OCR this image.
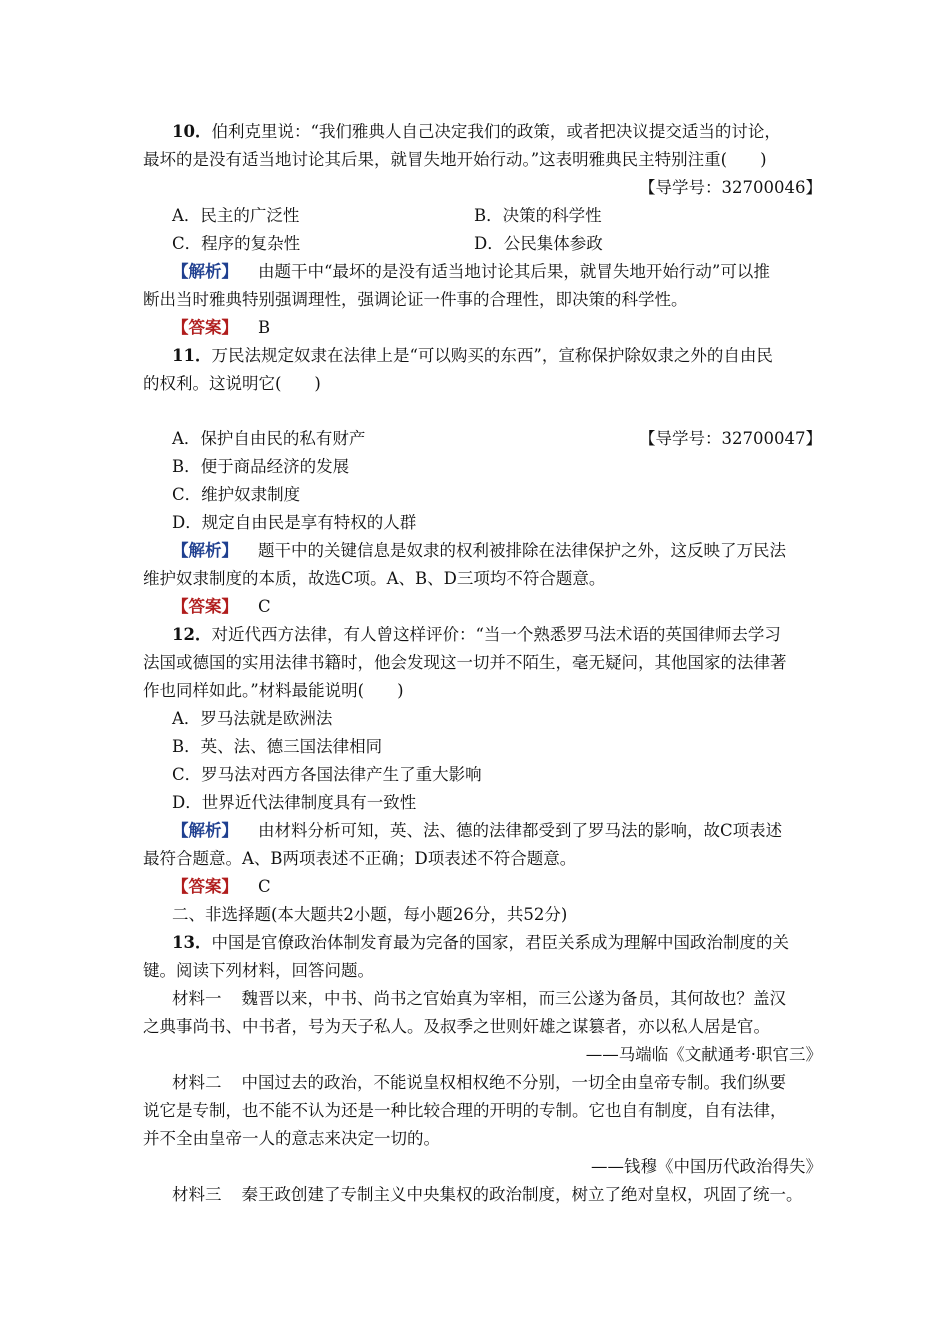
10．伯利克里说：“我们雅典人自己决定我们的政策，或者把决议提交适当的讨论，
最坏的是没有适当地讨论其后果，就冒失地开始行动。”这表明雅典民主特别注重(　　)
【导学号：32700046】
A．民主的广泛性	B．决策的科学性
C．程序的复杂性	D．公民集体参政
【解析】 由题干中“最坏的是没有适当地讨论其后果，就冒失地开始行动”可以推
断出当时雅典特别强调理性，强调论证一件事的合理性，即决策的科学性。
【答案】 B
11．万民法规定奴隶在法律上是“可以购买的东西”，宣称保护除奴隶之外的自由民
的权利。这说明它(　　)
【导学号：32700047】
A．保护自由民的私有财产
B．便于商品经济的发展
C．维护奴隶制度
D．规定自由民是享有特权的人群
【解析】 题干中的关键信息是奴隶的权利被排除在法律保护之外，这反映了万民法
维护奴隶制度的本质，故选C项。A、B、D三项均不符合题意。
【答案】 C
12．对近代西方法律，有人曾这样评价：“当一个熟悉罗马法术语的英国律师去学习
法国或德国的实用法律书籍时，他会发现这一切并不陌生，毫无疑问，其他国家的法律著
作也同样如此。”材料最能说明(　　)
A．罗马法就是欧洲法
B．英、法、德三国法律相同
C．罗马法对西方各国法律产生了重大影响
D．世界近代法律制度具有一致性
【解析】 由材料分析可知，英、法、德的法律都受到了罗马法的影响，故C项表述
最符合题意。A、B两项表述不正确；D项表述不符合题意。
【答案】 C
二、非选择题(本大题共2小题，每小题26分，共52分)
13．中国是官僚政治体制发育最为完备的国家，君臣关系成为理解中国政治制度的关
键。阅读下列材料，回答问题。
材料一 魏晋以来，中书、尚书之官始真为宰相，而三公遂为备员，其何故也？盖汉
之典事尚书、中书者，号为天子私人。及叔季之世则奸雄之谋篡者，亦以私人居是官。
——马端临《文献通考·职官三》
材料二 中国过去的政治，不能说皇权相权绝不分别，一切全由皇帝专制。我们纵要
说它是专制，也不能不认为还是一种比较合理的开明的专制。它也自有制度，自有法律，
并不全由皇帝一人的意志来决定一切的。
——钱穆《中国历代政治得失》
材料三 秦王政创建了专制主义中央集权的政治制度，树立了绝对皇权，巩固了统一。
